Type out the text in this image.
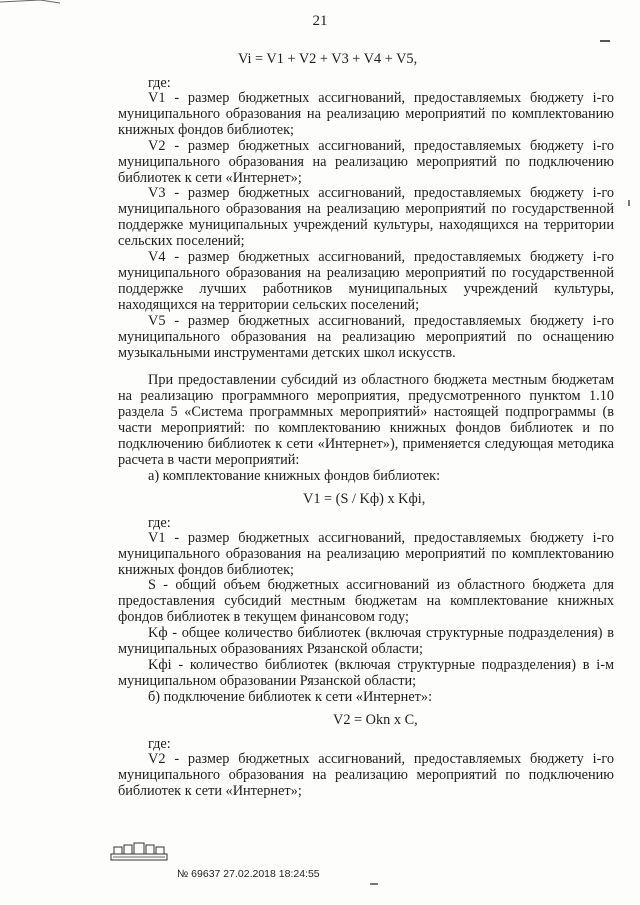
21
Vi = V1 + V2 + V3 + V4 + V5,

где:

V1 - размер бюджетных ассигнований, предоставляемых бюджету i-го муниципального образования на реализацию мероприятий по комплектованию книжных фондов библиотек;

V2 - размер бюджетных ассигнований, предоставляемых бюджету i-го муниципального образования на реализацию мероприятий по подключению библиотек к сети «Интернет»;

V3 - размер бюджетных ассигнований, предоставляемых бюджету i-го муниципального образования на реализацию мероприятий по государственной поддержке муниципальных учреждений культуры, находящихся на территории сельских поселений;

V4 - размер бюджетных ассигнований, предоставляемых бюджету i-го муниципального образования на реализацию мероприятий по государственной поддержке лучших работников муниципальных учреждений культуры, находящихся на территории сельских поселений;

V5 - размер бюджетных ассигнований, предоставляемых бюджету i-го муниципального образования на реализацию мероприятий по оснащению музыкальными инструментами детских школ искусств.

При предоставлении субсидий из областного бюджета местным бюджетам на реализацию программного мероприятия, предусмотренного пунктом 1.10 раздела 5 «Система программных мероприятий» настоящей подпрограммы (в части мероприятий: по комплектованию книжных фондов библиотек и по подключению библиотек к сети «Интернет»), применяется следующая методика расчета в части мероприятий:

а) комплектование книжных фондов библиотек:

V1 = (S / Kф) x Kфi,

где:

V1 - размер бюджетных ассигнований, предоставляемых бюджету i-го муниципального образования на реализацию мероприятий по комплектованию книжных фондов библиотек;

S - общий объем бюджетных ассигнований из областного бюджета для предоставления субсидий местным бюджетам на комплектование книжных фондов библиотек в текущем финансовом году;

Kф - общее количество библиотек (включая структурные подразделения) в муниципальных образованиях Рязанской области;

Kфi - количество библиотек (включая структурные подразделения) в i-м муниципальном образовании Рязанской области;

б) подключение библиотек к сети «Интернет»:

V2 = Okn x C,

где:

V2 - размер бюджетных ассигнований, предоставляемых бюджету i-го муниципального образования на реализацию мероприятий по подключению библиотек к сети «Интернет»;

№ 69637 27.02.2018 18:24:55
